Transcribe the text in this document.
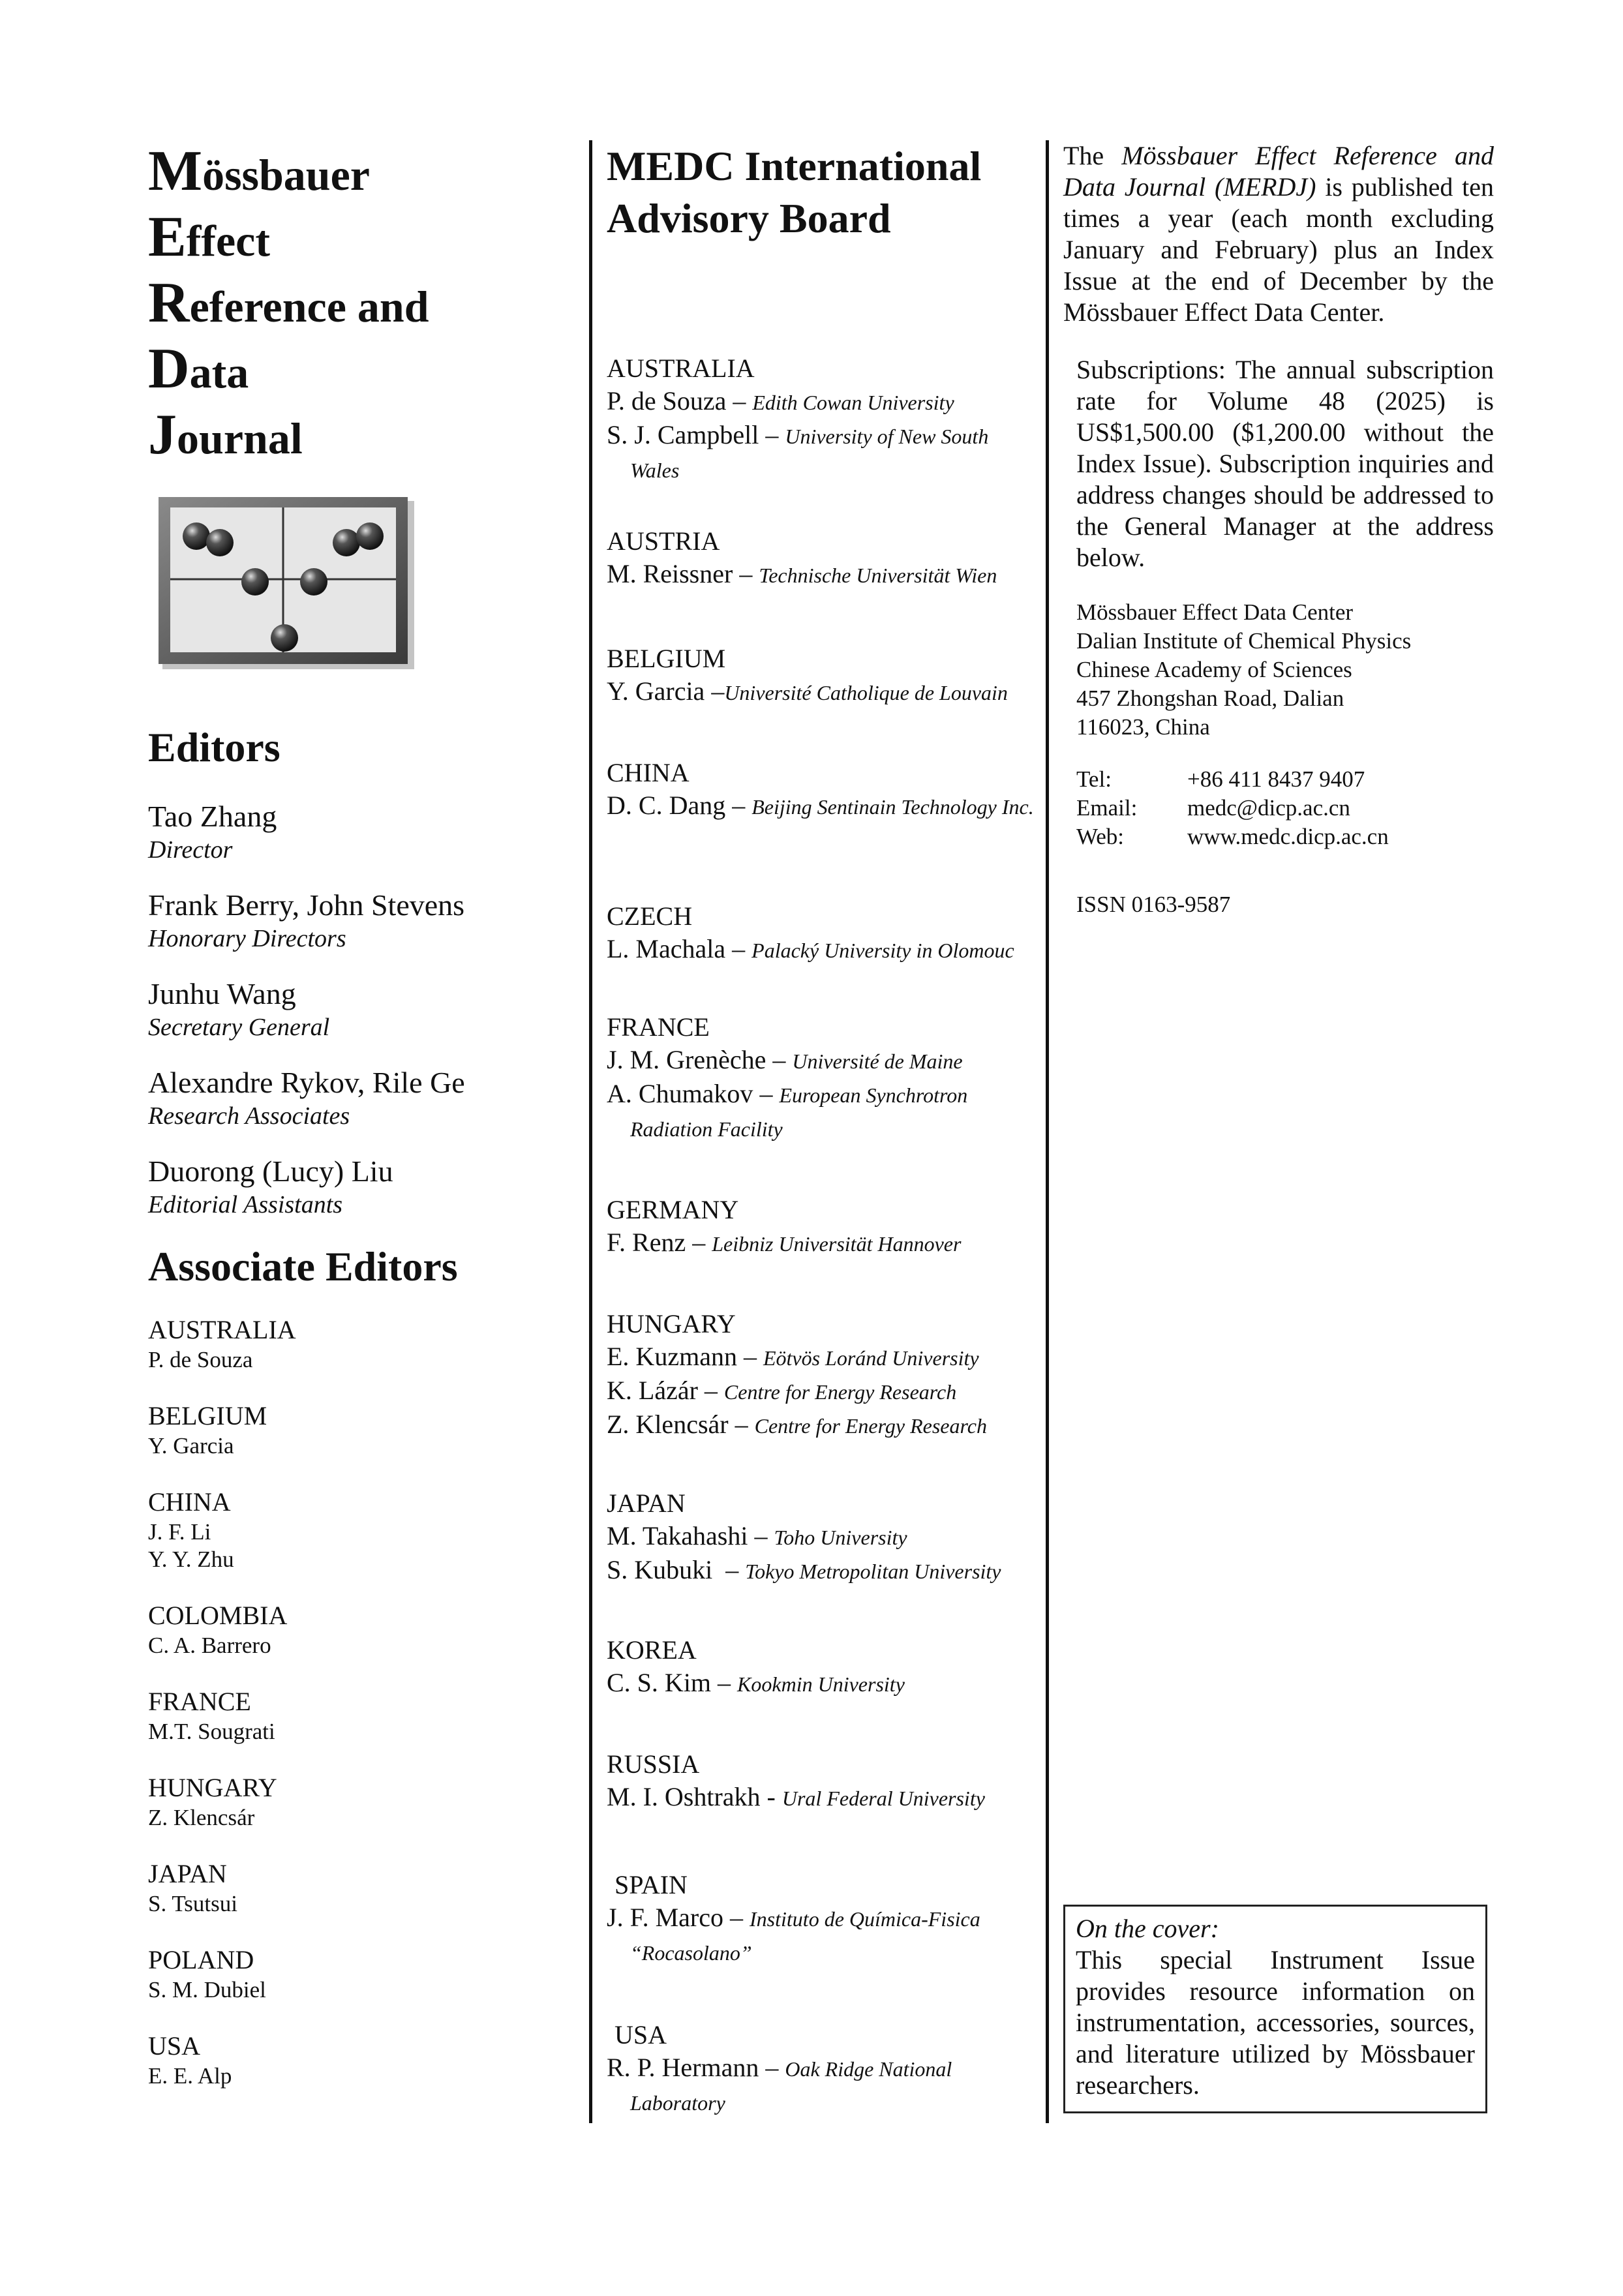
Mössbauer
Effect
Reference and
Data
Journal
Editors
Tao Zhang
Director
Frank Berry, John Stevens
Honorary Directors
Junhu Wang
Secretary General
Alexandre Rykov, Rile Ge
Research Associates
Duorong (Lucy) Liu
Editorial Assistants
Associate Editors
AUSTRALIA
P. de Souza
BELGIUM
Y. Garcia
CHINA
J. F. Li
Y. Y. Zhu
COLOMBIA
C. A. Barrero
FRANCE
M.T. Sougrati
HUNGARY
Z. Klencsár
JAPAN
S. Tsutsui
POLAND
S. M. Dubiel
USA
E. E. Alp
MEDC International
Advisory Board
AUSTRALIA
P. de Souza – Edith Cowan University
S. J. Campbell – University of New South Wales
AUSTRIA
M. Reissner – Technische Universität Wien
BELGIUM
Y. Garcia –Université Catholique de Louvain
CHINA
D. C. Dang – Beijing Sentinain Technology Inc.
CZECH
L. Machala – Palacký University in Olomouc
FRANCE
J. M. Grenèche – Université de Maine
A. Chumakov – European Synchrotron Radiation Facility
GERMANY
F. Renz – Leibniz Universität Hannover
HUNGARY
E. Kuzmann – Eötvös Loránd University
K. Lázár – Centre for Energy Research
Z. Klencsár – Centre for Energy Research
JAPAN
M. Takahashi – Toho University
S. Kubuki  – Tokyo Metropolitan University
KOREA
C. S. Kim – Kookmin University
RUSSIA
M. I. Oshtrakh - Ural Federal University
SPAIN
J. F. Marco – Instituto de Química-Fisica “Rocasolano”
USA
R. P. Hermann – Oak Ridge National Laboratory

The Mössbauer Effect Reference and Data Journal (MERDJ) is published ten times a year (each month excluding January and February) plus an Index Issue at the end of December by the Mössbauer Effect Data Center.

Subscriptions: The annual subscription rate for Volume 48 (2025) is US$1,500.00 ($1,200.00 without the Index Issue). Subscription inquiries and address changes should be addressed to the General Manager at the address below.

Mössbauer Effect Data Center
Dalian Institute of Chemical Physics
Chinese Academy of Sciences
457 Zhongshan Road, Dalian
116023, China
Tel:	+86 411 8437 9407
Email:	medc@dicp.ac.cn
Web:	www.medc.dicp.ac.cn
ISSN 0163-9587
On the cover:

This special Instrument Issue provides resource information on instrumentation, accessories, sources, and literature utilized by Mössbauer researchers.
